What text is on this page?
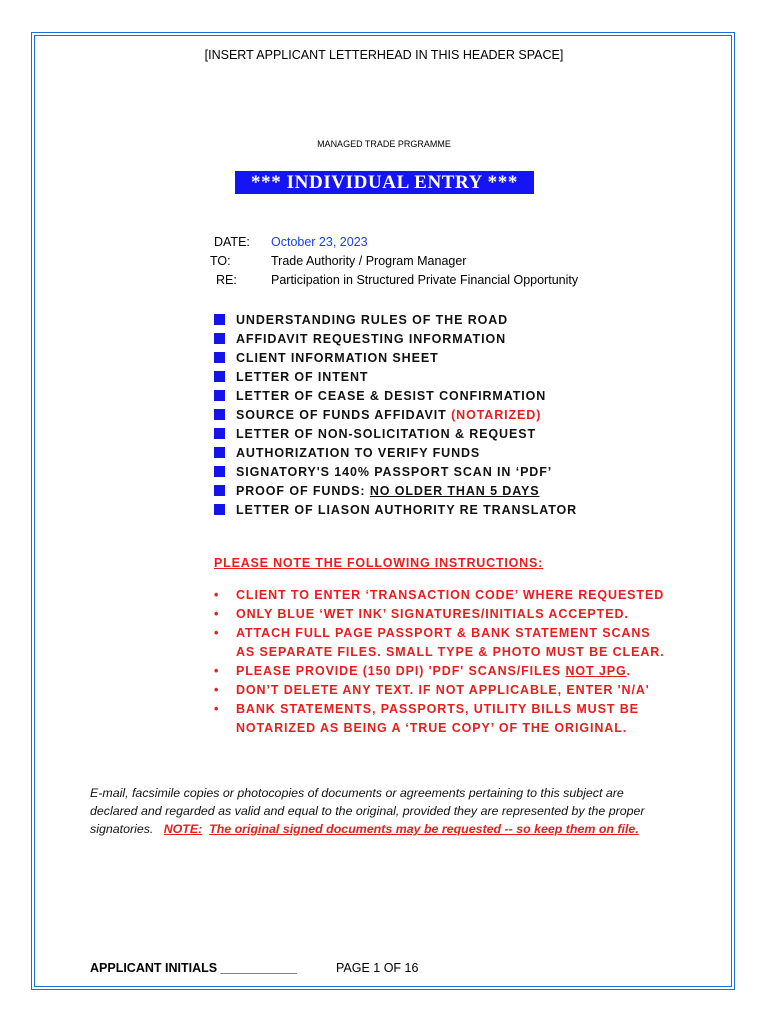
[INSERT APPLICANT LETTERHEAD IN THIS HEADER SPACE]
MANAGED TRADE PRGRAMME
*** INDIVIDUAL ENTRY ***
DATE: October 23, 2023
TO:	Trade Authority / Program Manager
RE:	Participation in Structured Private Financial Opportunity
UNDERSTANDING RULES OF THE ROAD
AFFIDAVIT REQUESTING INFORMATION
CLIENT INFORMATION SHEET
LETTER OF INTENT
LETTER OF CEASE & DESIST CONFIRMATION
SOURCE OF FUNDS AFFIDAVIT (NOTARIZED)
LETTER OF NON-SOLICITATION & REQUEST
AUTHORIZATION TO VERIFY FUNDS
SIGNATORY'S 140% PASSPORT SCAN IN ‘PDF’
PROOF OF FUNDS: NO OLDER THAN 5 DAYS
LETTER OF LIASON AUTHORITY RE TRANSLATOR
PLEASE NOTE THE FOLLOWING INSTRUCTIONS:
• CLIENT TO ENTER ‘TRANSACTION CODE’ WHERE REQUESTED
• ONLY BLUE ‘WET INK’ SIGNATURES/INITIALS ACCEPTED.
• ATTACH FULL PAGE PASSPORT & BANK STATEMENT SCANS
AS SEPARATE FILES. SMALL TYPE & PHOTO MUST BE CLEAR.
• PLEASE PROVIDE (150 DPI) 'PDF' SCANS/FILES NOT JPG.
• DON’T DELETE ANY TEXT. IF NOT APPLICABLE, ENTER 'N/A'
• BANK STATEMENTS, PASSPORTS, UTILITY BILLS MUST BE
NOTARIZED AS BEING A ‘TRUE COPY’ OF THE ORIGINAL.
E-mail, facsimile copies or photocopies of documents or agreements pertaining to this subject are
declared and regarded as valid and equal to the original, provided they are represented by the proper
signatories. NOTE: The original signed documents may be requested -- so keep them on file.
APPLICANT INITIALS ___________	PAGE 1 OF 16
